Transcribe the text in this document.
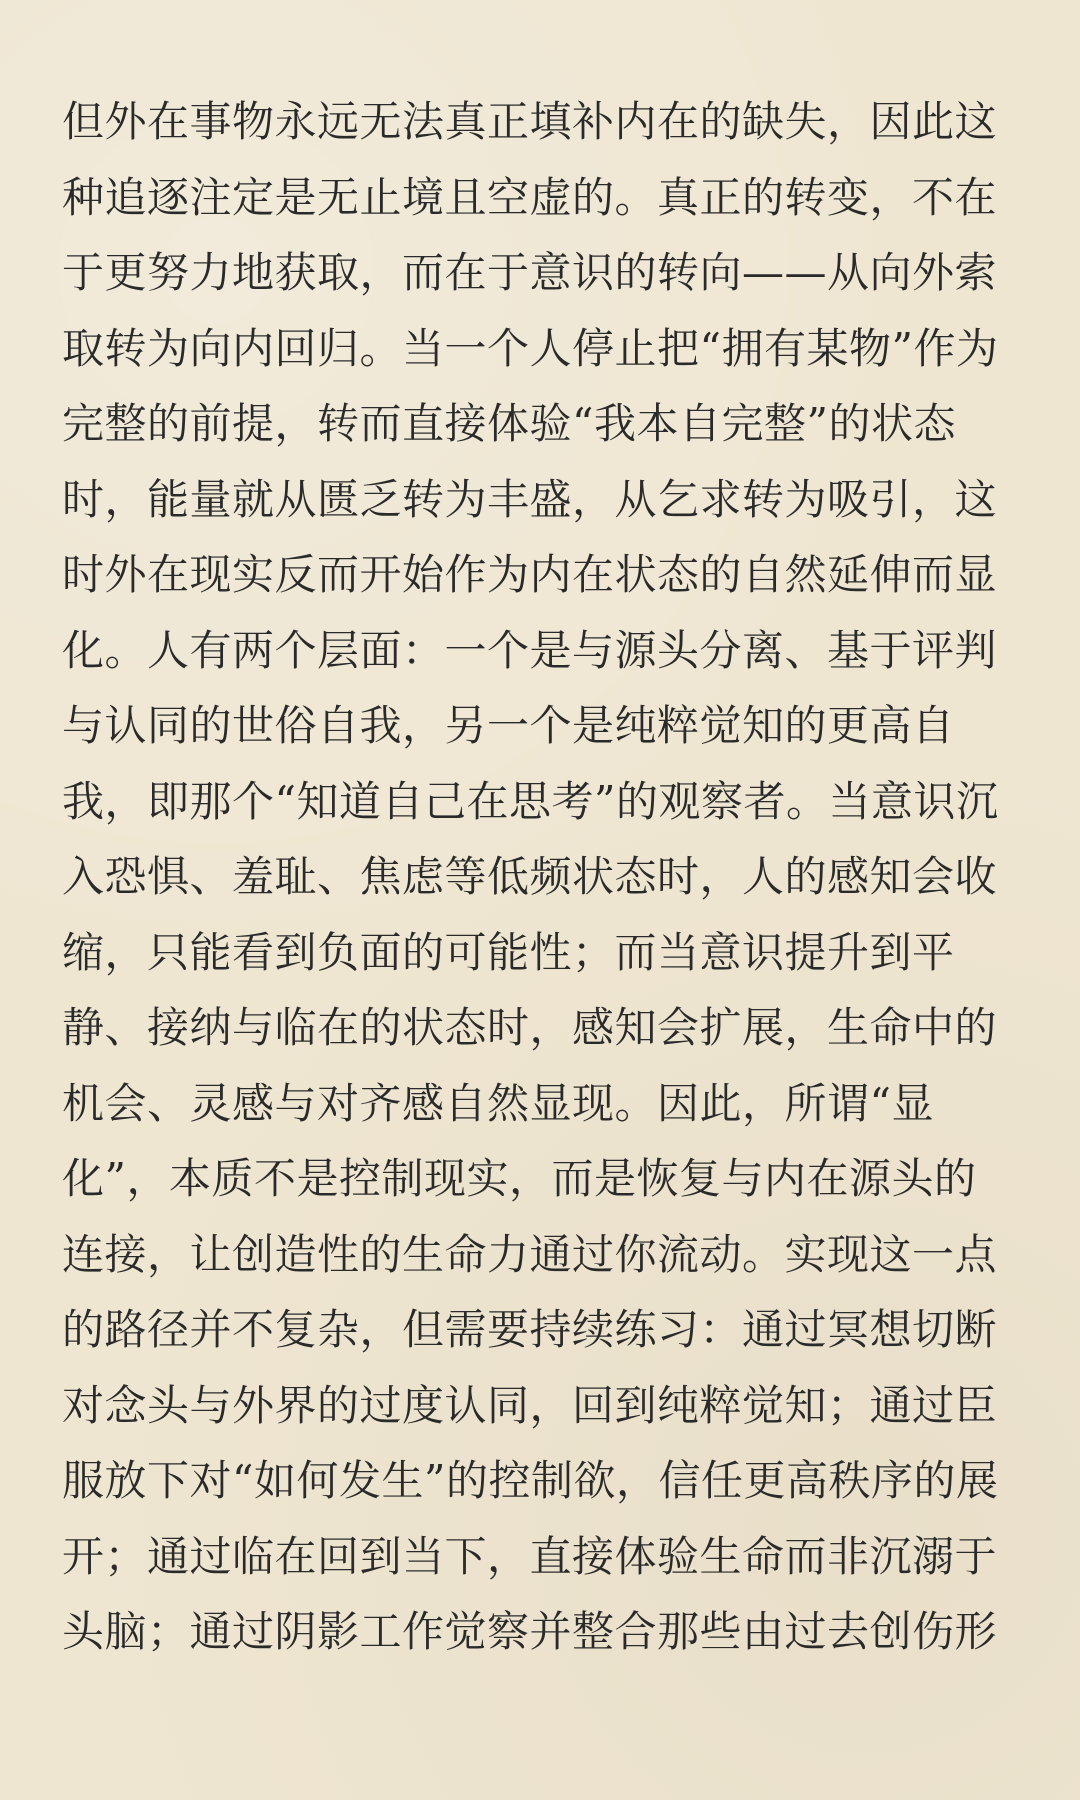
但外在事物永远无法真正填补内在的缺失，因此这
种追逐注定是无止境且空虚的。真正的转变，不在
于更努力地获取，而在于意识的转向——从向外索
取转为向内回归。当一个人停止把“拥有某物”作为
完整的前提，转而直接体验“我本自完整”的状态
时，能量就从匮乏转为丰盛，从乞求转为吸引，这
时外在现实反而开始作为内在状态的自然延伸而显
化。人有两个层面：一个是与源头分离、基于评判
与认同的世俗自我，另一个是纯粹觉知的更高自
我，即那个“知道自己在思考”的观察者。当意识沉
入恐惧、羞耻、焦虑等低频状态时，人的感知会收
缩，只能看到负面的可能性；而当意识提升到平
静、接纳与临在的状态时，感知会扩展，生命中的
机会、灵感与对齐感自然显现。因此，所谓“显
化”，本质不是控制现实，而是恢复与内在源头的
连接，让创造性的生命力通过你流动。实现这一点
的路径并不复杂，但需要持续练习：通过冥想切断
对念头与外界的过度认同，回到纯粹觉知；通过臣
服放下对“如何发生”的控制欲，信任更高秩序的展
开；通过临在回到当下，直接体验生命而非沉溺于
头脑；通过阴影工作觉察并整合那些由过去创伤形
